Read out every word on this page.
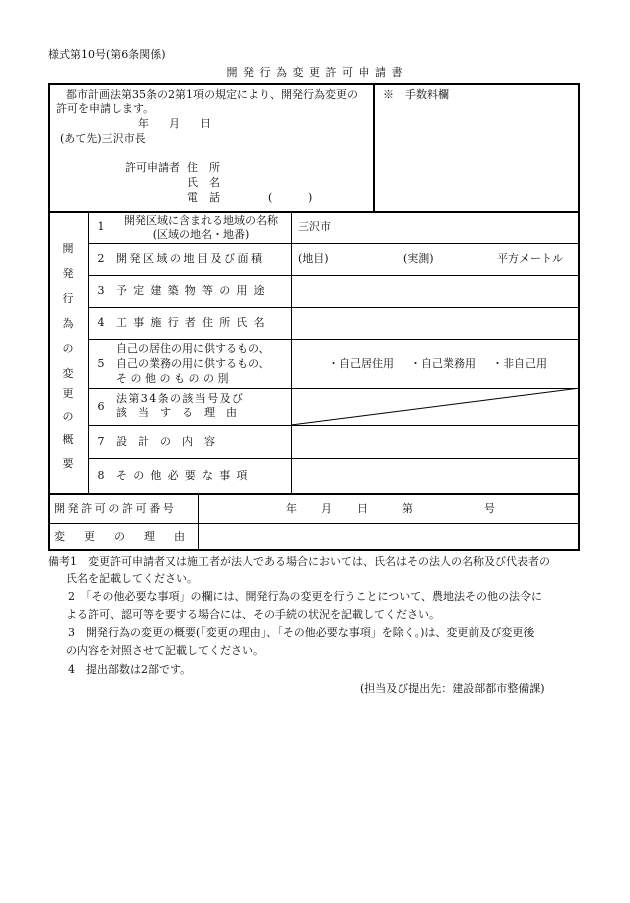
様式第10号(第6条関係)
開 発 行 為 変 更 許 可 申 請 書
都市計画法第35条の2第1項の規定により、開発行為変更の
許可を申請します。
年 月 日
(あて先)三沢市長
許可申請者 住　所
氏　名
電　話	(	)
※　手数料欄
開
発
行
為
の
変
更
の
概
要
1	開発区域に含まれる地域の名称
(区域の地名・地番)
三沢市
2 開発区域の地目及び面積	(地目)	(実測)	平方メートル
3 予定建築物等の用途
4 工事施行者住所氏名
5
自己の居住の用に供するもの、
自己の業務の用に供するもの、
そ の 他 の も の の 別
・自己居住用 ・自己業務用 ・非自己用
6
法第34条の該当号及び
該　当　す　る　理　由
7 設　計　の　内　容
8 その他必要な事項
開発許可の許可番号	年 月 日	第	号
変　更　の　理　由
備考1　変更許可申請者又は施工者が法人である場合においては、氏名はその法人の名称及び代表者の
氏名を記載してください。
2　「その他必要な事項」の欄には、開発行為の変更を行うことについて、農地法その他の法令に
よる許可、認可等を要する場合には、その手続の状況を記載してください。
3　開発行為の変更の概要(「変更の理由」、「その他必要な事項」を除く。)は、変更前及び変更後
の内容を対照させて記載してください。
4　提出部数は2部です。
(担当及び提出先：建設部都市整備課)
